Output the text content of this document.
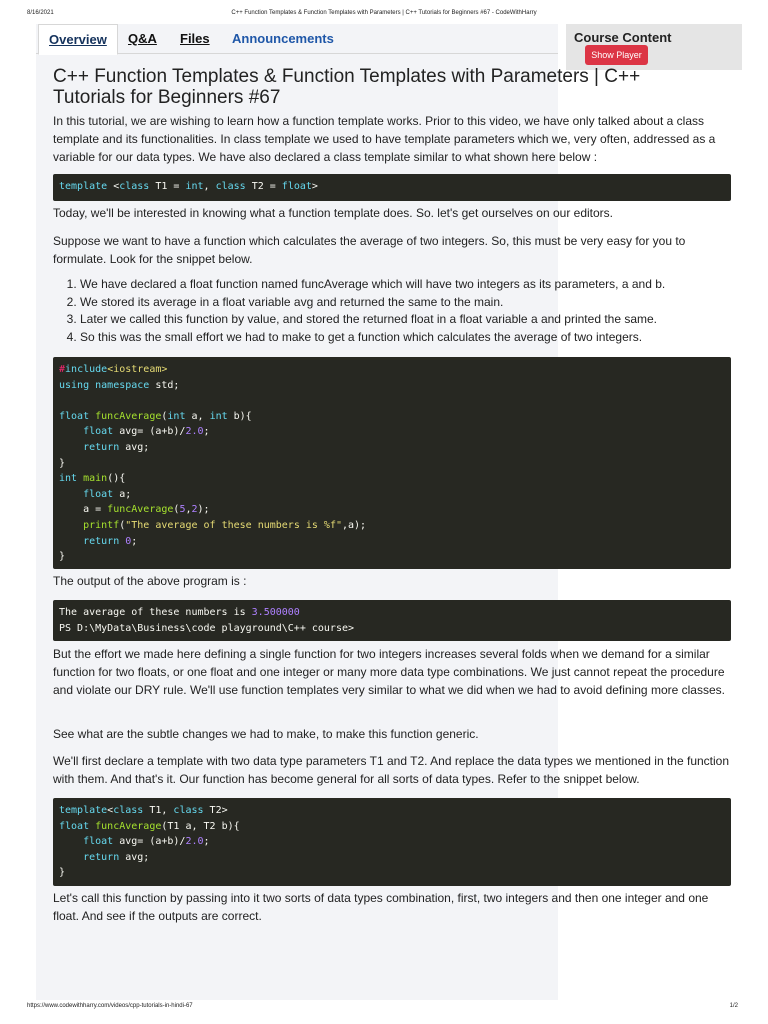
8/16/2021	C++ Function Templates & Function Templates with Parameters | C++ Tutorials for Beginners #67 - CodeWithHarry
Overview	Q&A Files Announcements	Course Content
Show Player
C++ Function Templates & Function Templates with Parameters | C++ Tutorials for Beginners #67

In this tutorial, we are wishing to learn how a function template works. Prior to this video, we have only talked about a class template and its functionalities. In class template we used to have template parameters which we, very often, addressed as a variable for our data types. We have also declared a class template similar to what shown here below :

template <class T1 = int, class T2 = float>

Today, we'll be interested in knowing what a function template does. So. let's get ourselves on our editors.

Suppose we want to have a function which calculates the average of two integers. So, this must be very easy for you to formulate. Look for the snippet below.

1. We have declared a float function named funcAverage which will have two integers as its parameters, a and b.
2. We stored its average in a float variable avg and returned the same to the main.
3. Later we called this function by value, and stored the returned float in a float variable a and printed the same.
4. So this was the small effort we had to make to get a function which calculates the average of two integers.
#include<iostream>
using namespace std;

float funcAverage(int a, int b){
float avg= (a+b)/2.0;
return avg;
}
int main(){
float a;
a = funcAverage(5,2);
printf("The average of these numbers is %f",a);
return 0;
}

The output of the above program is :

The average of these numbers is 3.500000
PS D:\MyData\Business\code playground\C++ course>

But the effort we made here defining a single function for two integers increases several folds when we demand for a similar function for two floats, or one float and one integer or many more data type combinations. We just cannot repeat the procedure and violate our DRY rule. We'll use function templates very similar to what we did when we had to avoid defining more classes.

See what are the subtle changes we had to make, to make this function generic.

We'll first declare a template with two data type parameters T1 and T2. And replace the data types we mentioned in the function with them. And that's it. Our function has become general for all sorts of data types. Refer to the snippet below.

template<class T1, class T2>
float funcAverage(T1 a, T2 b){
float avg= (a+b)/2.0;
return avg;
}

Let's call this function by passing into it two sorts of data types combination, first, two integers and then one integer and one float. And see if the outputs are correct.

https://www.codewithharry.com/videos/cpp-tutorials-in-hindi-67	1/2
